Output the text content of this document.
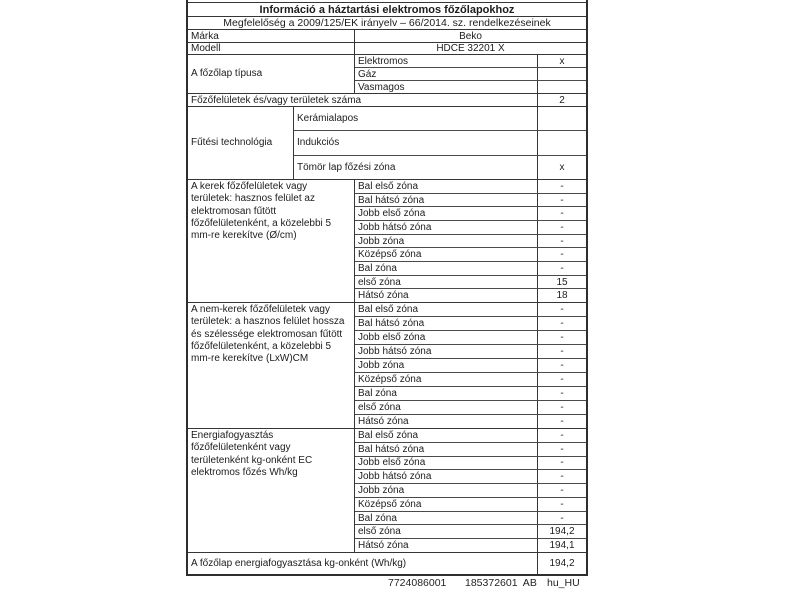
Információ a háztartási elektromos főzőlapokhoz
Megfelelőség a 2009/125/EK irányelv – 66/2014. sz. rendelkezéseinek
Márka	Beko
Modell	HDCE 32201 X
A főzőlap típusa
Elektromos	x
Gáz
Vasmagos
Főzőfelületek és/vagy területek száma	2
Fűtési technológia
Kerámialapos
Indukciós
Tömör lap főzési zóna	x
A kerek főzőfelületek vagy területek: hasznos felület az elektromosan fűtött főzőfelületenként, a közelebbi 5 mm-re kerekítve (Ø/cm)
Bal első zóna	-
Bal hátsó zóna	-
Jobb első zóna	-
Jobb hátsó zóna	-
Jobb zóna	-
Középső zóna	-
Bal zóna	-
első zóna	15
Hátsó zóna	18
A nem-kerek főzőfelületek vagy területek: a hasznos felület hossza és szélessége elektromosan fűtött főzőfelületenként, a közelebbi 5 mm-re kerekítve (LxW)CM
Bal első zóna	-
Bal hátsó zóna	-
Jobb első zóna	-
Jobb hátsó zóna	-
Jobb zóna	-
Középső zóna	-
Bal zóna	-
első zóna	-
Hátsó zóna	-
Energiafogyasztás főzőfelületenként vagy területenként kg-onként EC elektromos főzés Wh/kg
Bal első zóna	-
Bal hátsó zóna	-
Jobb első zóna	-
Jobb hátsó zóna	-
Jobb zóna	-
Középső zóna	-
Bal zóna	-
első zóna	194,2
Hátsó zóna	194,1
A főzőlap energiafogyasztása kg-onként (Wh/kg)	194,2
7724086001 185372601  AB hu_HU
